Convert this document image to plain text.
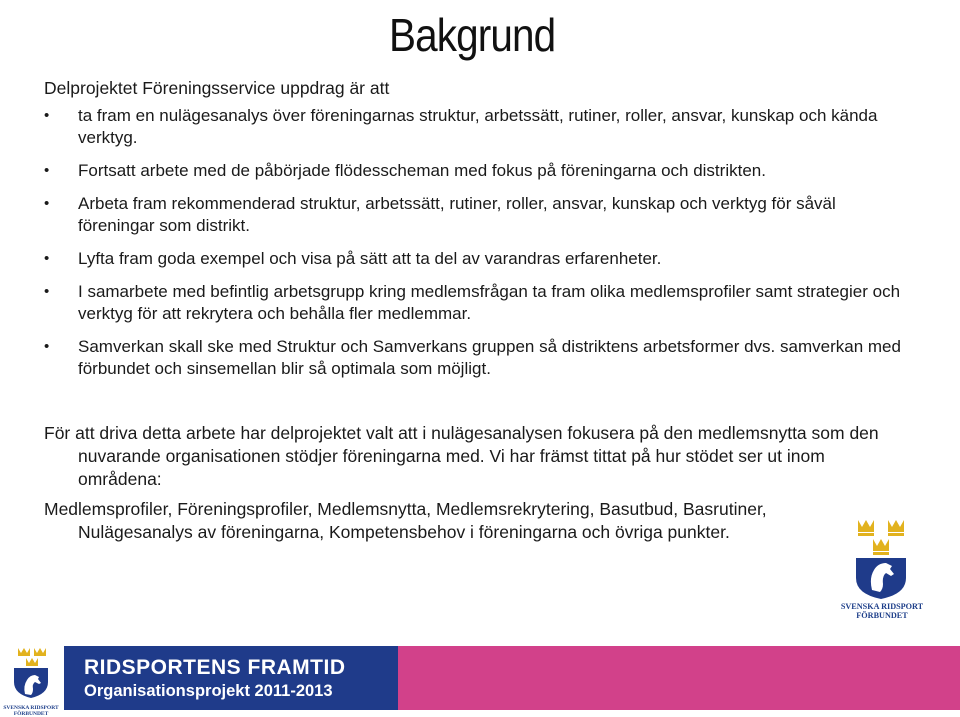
Bakgrund
Delprojektet Föreningsservice uppdrag är att
• ta fram en nulägesanalys över föreningarnas struktur, arbetssätt, rutiner, roller, ansvar, kunskap och kända verktyg.
• Fortsatt arbete med de påbörjade flödesscheman med fokus på föreningarna och distrikten.
• Arbeta fram rekommenderad struktur, arbetssätt, rutiner, roller, ansvar, kunskap och verktyg för såväl föreningar som distrikt.
• Lyfta fram goda exempel och visa på sätt att ta del av varandras erfarenheter.
• I samarbete med befintlig arbetsgrupp kring medlemsfrågan ta fram olika medlemsprofiler samt strategier och verktyg för att rekrytera och behålla fler medlemmar.
• Samverkan skall ske med Struktur och Samverkans gruppen så distriktens arbetsformer dvs. samverkan med förbundet och sinsemellan blir så optimala som möjligt.

För att driva detta arbete har delprojektet valt att i nulägesanalysen fokusera på den medlemsnytta som den nuvarande organisationen stödjer föreningarna med. Vi har främst tittat på hur stödet ser ut inom områdena:

Medlemsprofiler, Föreningsprofiler, Medlemsnytta, Medlemsrekrytering, Basutbud, Basrutiner, Nulägesanalys av föreningarna, Kompetensbehov i föreningarna och övriga punkter.

SVENSKA RIDSPORT
FÖRBUNDET
SVENSKA RIDSPORT
FÖRBUNDET
RIDSPORTENS FRAMTID
Organisationsprojekt 2011-2013
